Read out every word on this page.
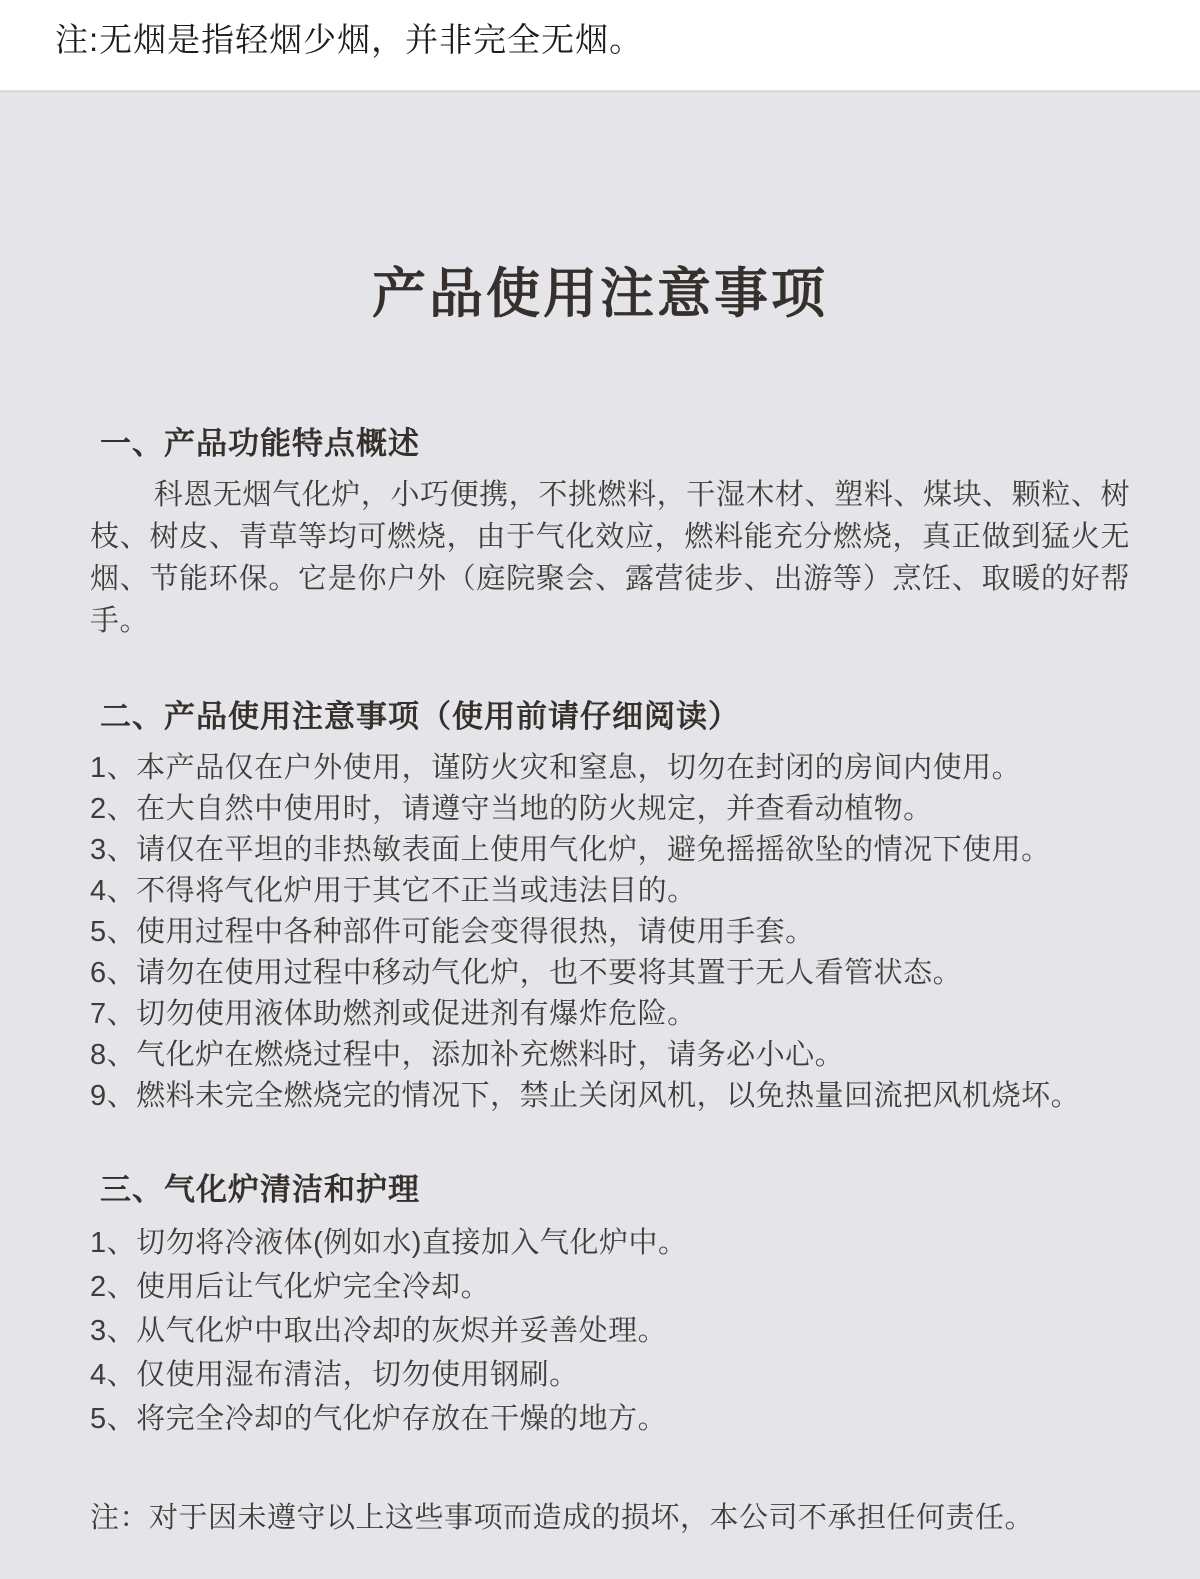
注:无烟是指轻烟少烟，并非完全无烟。
产品使用注意事项
一、产品功能特点概述

科恩无烟气化炉，小巧便携，不挑燃料，干湿木材、塑料、煤块、颗粒、树枝、树皮、青草等均可燃烧，由于气化效应，燃料能充分燃烧，真正做到猛火无烟、节能环保。它是你户外（庭院聚会、露营徒步、出游等）烹饪、取暖的好帮手。

二、产品使用注意事项（使用前请仔细阅读）
1、本产品仅在户外使用，谨防火灾和窒息，切勿在封闭的房间内使用。
2、在大自然中使用时，请遵守当地的防火规定，并查看动植物。
3、请仅在平坦的非热敏表面上使用气化炉，避免摇摇欲坠的情况下使用。
4、不得将气化炉用于其它不正当或违法目的。
5、使用过程中各种部件可能会变得很热，请使用手套。
6、请勿在使用过程中移动气化炉，也不要将其置于无人看管状态。
7、切勿使用液体助燃剂或促进剂有爆炸危险。
8、气化炉在燃烧过程中，添加补充燃料时，请务必小心。
9、燃料未完全燃烧完的情况下，禁止关闭风机，以免热量回流把风机烧坏。
三、气化炉清洁和护理
1、切勿将冷液体(例如水)直接加入气化炉中。
2、使用后让气化炉完全冷却。
3、从气化炉中取出冷却的灰烬并妥善处理。
4、仅使用湿布清洁，切勿使用钢刷。
5、将完全冷却的气化炉存放在干燥的地方。

注：对于因未遵守以上这些事项而造成的损坏，本公司不承担任何责任。
